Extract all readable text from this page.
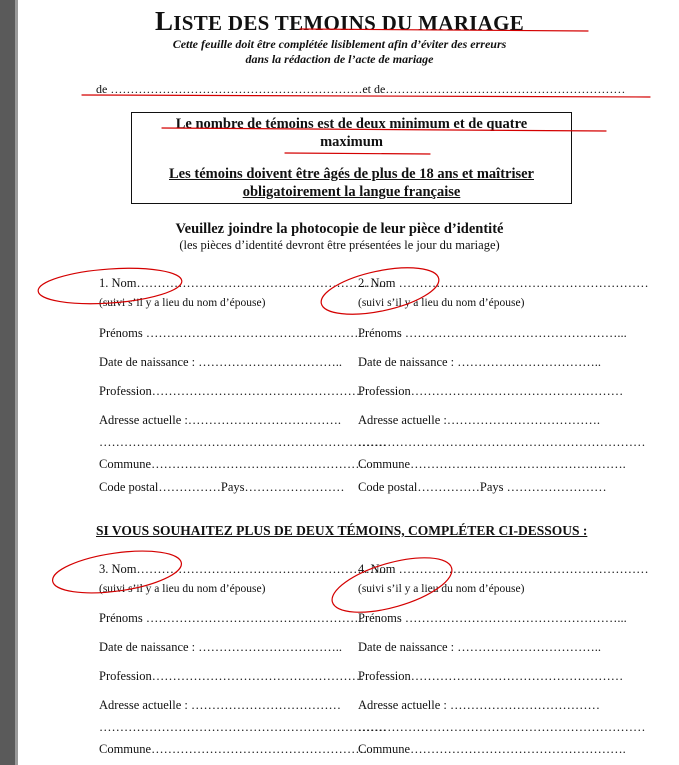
LISTE DES TEMOINS DU MARIAGE
Cette feuille doit être complétée lisiblement afin d’éviter des erreurs
dans la rédaction de l’acte de mariage
de ………………………………………………………et de……………………………………………………
Le nombre de témoins est de deux minimum et de quatre
maximum
Les témoins doivent être âgés de plus de 18 ans et maîtriser
obligatoirement la langue française
Veuillez joindre la photocopie de leur pièce d’identité
(les pièces d’identité devront être présentées le jour du mariage)
1. Nom……………………………………………………
(suivi s’il y a lieu du nom d’épouse)
Prénoms ……………………………………………...
Date de naissance : ……………………………..
Profession……………………………………………
Adresse actuelle :……………………………….
……………………………………………………………
Commune…………………………………………….
Code postal……………Pays……………………
2. Nom ……………………………………………………
(suivi s’il y a lieu du nom d’épouse)
Prénoms ……………………………………………...
Date de naissance : ……………………………..
Profession……………………………………………
Adresse actuelle :……………………………….
……………………………………………………………
Commune…………………………………………….
Code postal……………Pays ……………………
SI VOUS SOUHAITEZ PLUS DE DEUX TÉMOINS, COMPLÉTER CI-DESSOUS :
3. Nom……………………………………………………
(suivi s’il y a lieu du nom d’épouse)
Prénoms ……………………………………………...
Date de naissance : ……………………………..
Profession……………………………………………
Adresse actuelle : ………………………………
……………………………………………………………
Commune…………………………………………….
4. Nom ……………………………………………………
(suivi s’il y a lieu du nom d’épouse)
Prénoms ……………………………………………...
Date de naissance : ……………………………..
Profession……………………………………………
Adresse actuelle : ………………………………
……………………………………………………………
Commune…………………………………………….
